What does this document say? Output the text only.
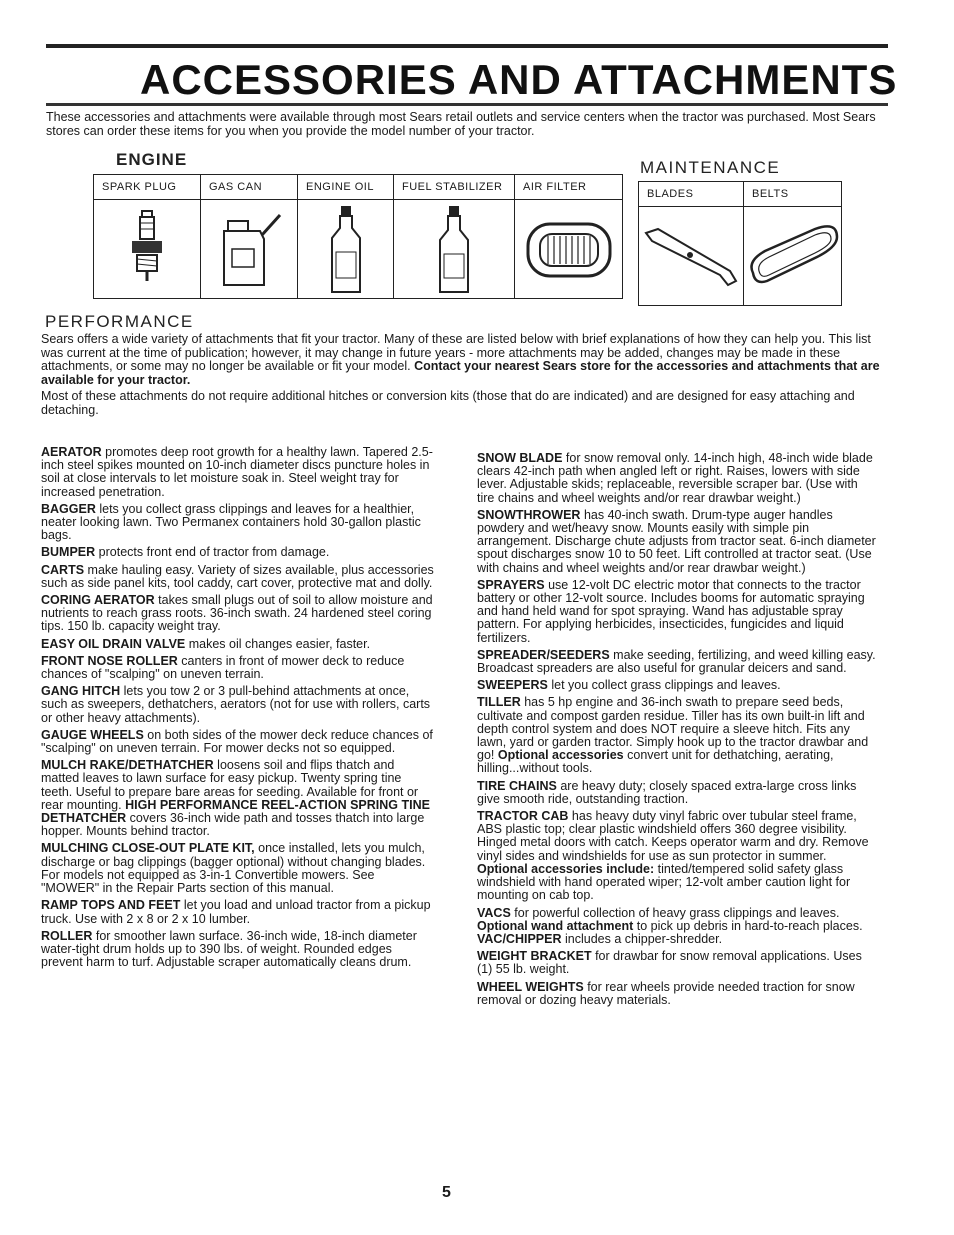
ACCESSORIES AND ATTACHMENTS

These accessories and attachments were available through most Sears retail outlets and service centers when the tractor was purchased. Most Sears stores can order these items for you when you provide the model number of your tractor.

ENGINE	MAINTENANCE
SPARK PLUG	GAS CAN	ENGINE OIL	FUEL STABILIZER	AIR FILTER

BLADES	BELTS

PERFORMANCE

Sears offers a wide variety of attachments that fit your tractor. Many of these are listed below with brief explanations of how they can help you. This list was current at the time of publication; however, it may change in future years - more attachments may be added, changes may be made in these attachments, or some may no longer be available or fit your model. Contact your nearest Sears store for the accessories and attachments that are available for your tractor.

Most of these attachments do not require additional hitches or conversion kits (those that do are indicated) and are designed for easy attaching and detaching.

AERATOR promotes deep root growth for a healthy lawn. Tapered 2.5-inch steel spikes mounted on 10-inch diameter discs puncture holes in soil at close intervals to let moisture soak in. Steel weight tray for increased penetration.

BAGGER lets you collect grass clippings and leaves for a healthier, neater looking lawn. Two Permanex containers hold 30-gallon plastic bags.

BUMPER protects front end of tractor from damage.

CARTS make hauling easy. Variety of sizes available, plus accessories such as side panel kits, tool caddy, cart cover, protective mat and dolly.

CORING AERATOR takes small plugs out of soil to allow moisture and nutrients to reach grass roots. 36-inch swath. 24 hardened steel coring tips. 150 lb. capacity weight tray.

EASY OIL DRAIN VALVE makes oil changes easier, faster.

FRONT NOSE ROLLER canters in front of mower deck to reduce chances of "scalping" on uneven terrain.

GANG HITCH lets you tow 2 or 3 pull-behind attachments at once, such as sweepers, dethatchers, aerators (not for use with rollers, carts or other heavy attachments).

GAUGE WHEELS on both sides of the mower deck reduce chances of "scalping" on uneven terrain. For mower decks not so equipped.

MULCH RAKE/DETHATCHER loosens soil and flips thatch and matted leaves to lawn surface for easy pickup. Twenty spring tine teeth. Useful to prepare bare areas for seeding. Available for front or rear mounting. HIGH PERFORMANCE REEL-ACTION SPRING TINE DETHATCHER covers 36-inch wide path and tosses thatch into large hopper. Mounts behind tractor.

MULCHING CLOSE-OUT PLATE KIT, once installed, lets you mulch, discharge or bag clippings (bagger optional) without changing blades. For models not equipped as 3-in-1 Convertible mowers. See "MOWER" in the Repair Parts section of this manual.

RAMP TOPS AND FEET let you load and unload tractor from a pickup truck. Use with 2 x 8 or 2 x 10 lumber.

ROLLER for smoother lawn surface. 36-inch wide, 18-inch diameter water-tight drum holds up to 390 lbs. of weight. Rounded edges prevent harm to turf. Adjustable scraper automatically cleans drum.

SNOW BLADE for snow removal only. 14-inch high, 48-inch wide blade clears 42-inch path when angled left or right. Raises, lowers with side lever. Adjustable skids; replaceable, reversible scraper bar. (Use with tire chains and wheel weights and/or rear drawbar weight.)

SNOWTHROWER has 40-inch swath. Drum-type auger handles powdery and wet/heavy snow. Mounts easily with simple pin arrangement. Discharge chute adjusts from tractor seat. 6-inch diameter spout discharges snow 10 to 50 feet. Lift controlled at tractor seat. (Use with chains and wheel weights and/or rear drawbar weight.)

SPRAYERS use 12-volt DC electric motor that connects to the tractor battery or other 12-volt source. Includes booms for automatic spraying and hand held wand for spot spraying. Wand has adjustable spray pattern. For applying herbicides, insecticides, fungicides and liquid fertilizers.

SPREADER/SEEDERS make seeding, fertilizing, and weed killing easy. Broadcast spreaders are also useful for granular deicers and sand.

SWEEPERS let you collect grass clippings and leaves.

TILLER has 5 hp engine and 36-inch swath to prepare seed beds, cultivate and compost garden residue. Tiller has its own built-in lift and depth control system and does NOT require a sleeve hitch. Fits any lawn, yard or garden tractor. Simply hook up to the tractor drawbar and go! Optional accessories convert unit for dethatching, aerating, hilling...without tools.

TIRE CHAINS are heavy duty; closely spaced extra-large cross links give smooth ride, outstanding traction.

TRACTOR CAB has heavy duty vinyl fabric over tubular steel frame, ABS plastic top; clear plastic windshield offers 360 degree visibility. Hinged metal doors with catch. Keeps operator warm and dry. Remove vinyl sides and windshields for use as sun protector in summer. Optional accessories include: tinted/tempered solid safety glass windshield with hand operated wiper; 12-volt amber caution light for mounting on cab top.

VACS for powerful collection of heavy grass clippings and leaves. Optional wand attachment to pick up debris in hard-to-reach places. VAC/CHIPPER includes a chipper-shredder.

WEIGHT BRACKET for drawbar for snow removal applications. Uses (1) 55 lb. weight.

WHEEL WEIGHTS for rear wheels provide needed traction for snow removal or dozing heavy materials.

5
